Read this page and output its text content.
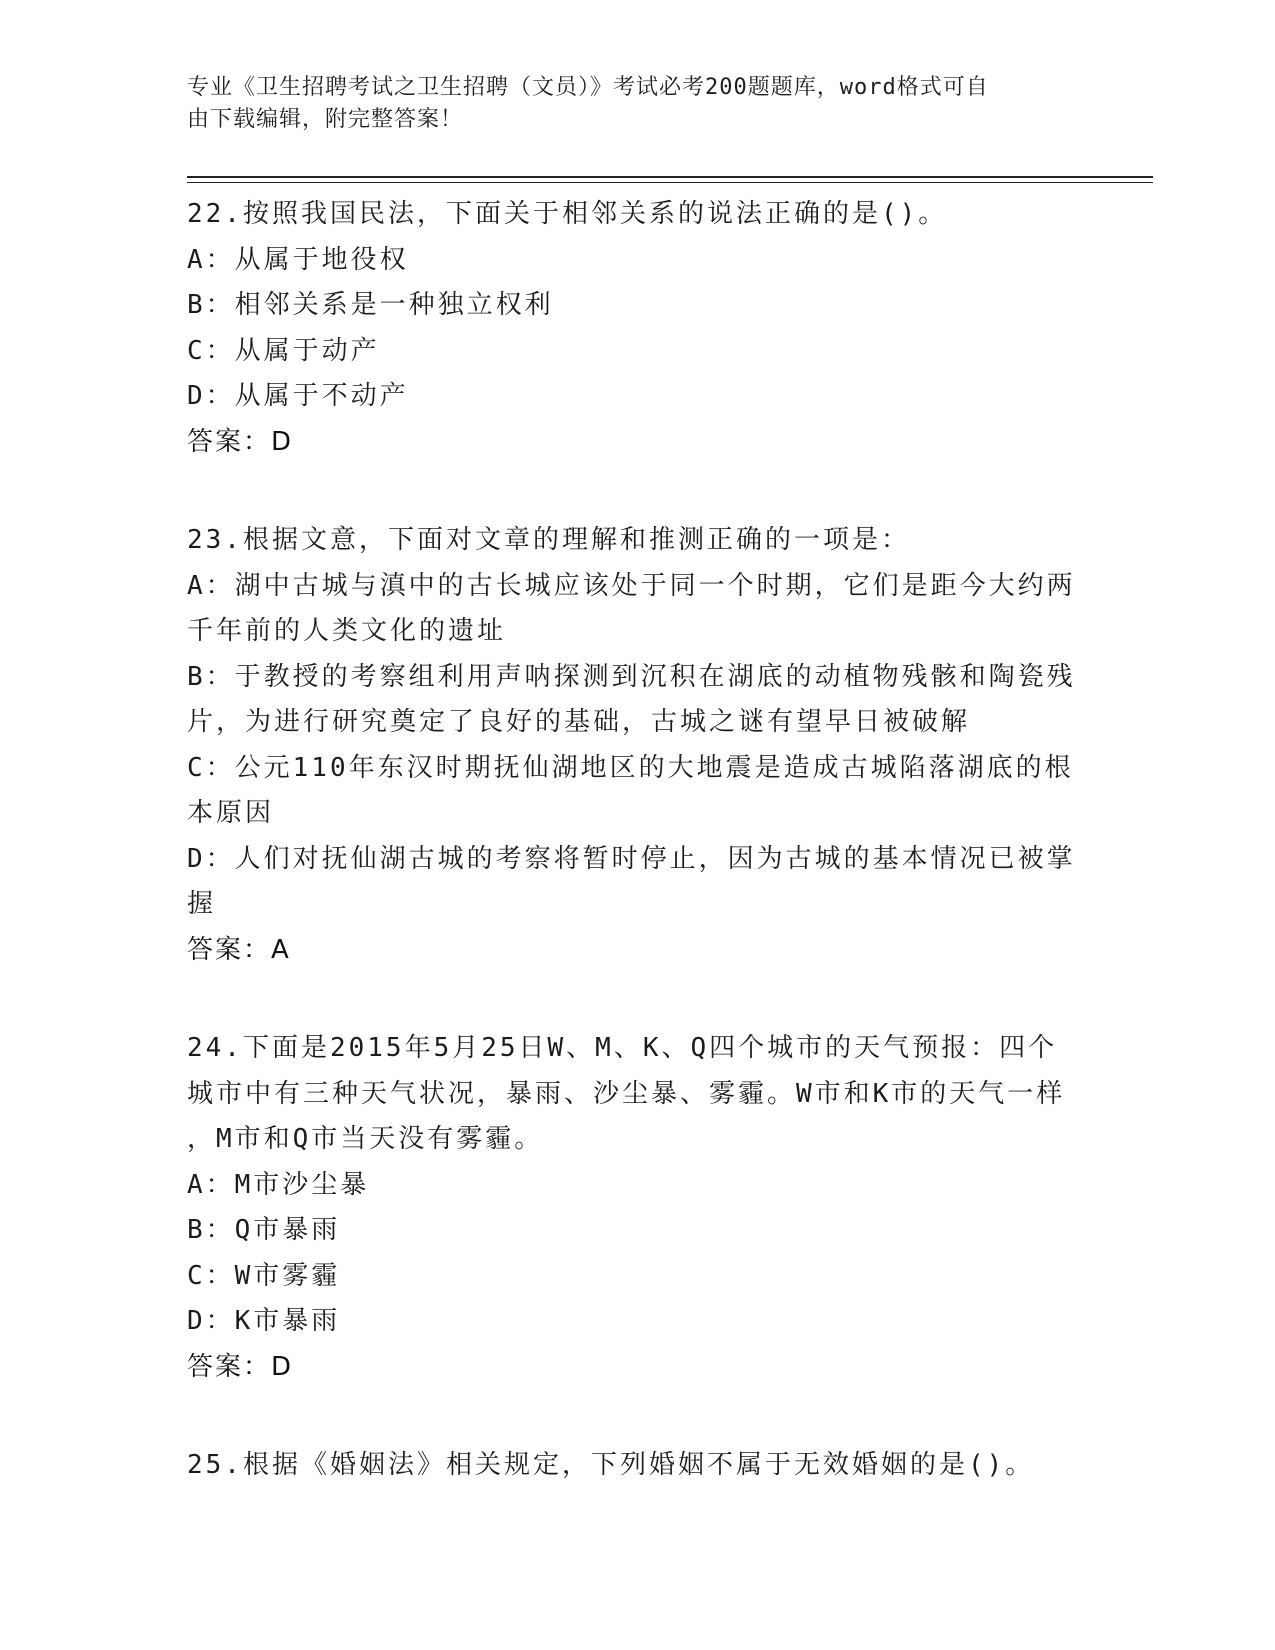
专业《卫生招聘考试之卫生招聘（文员）》考试必考200题题库，word格式可自
由下载编辑，附完整答案！

22.按照我国民法，下面关于相邻关系的说法正确的是()。

A：从属于地役权

B：相邻关系是一种独立权利

C：从属于动产

D：从属于不动产

答案：D

23.根据文意，下面对文章的理解和推测正确的一项是：

A：湖中古城与滇中的古长城应该处于同一个时期，它们是距今大约两

千年前的人类文化的遗址

B：于教授的考察组利用声呐探测到沉积在湖底的动植物残骸和陶瓷残

片，为进行研究奠定了良好的基础，古城之谜有望早日被破解

C：公元110年东汉时期抚仙湖地区的大地震是造成古城陷落湖底的根

本原因

D：人们对抚仙湖古城的考察将暂时停止，因为古城的基本情况已被掌

握

答案：A

24.下面是2015年5月25日W、M、K、Q四个城市的天气预报：四个

城市中有三种天气状况，暴雨、沙尘暴、雾霾。W市和K市的天气一样

，M市和Q市当天没有雾霾。

A：M市沙尘暴

B：Q市暴雨

C：W市雾霾

D：K市暴雨

答案：D

25.根据《婚姻法》相关规定，下列婚姻不属于无效婚姻的是()。
